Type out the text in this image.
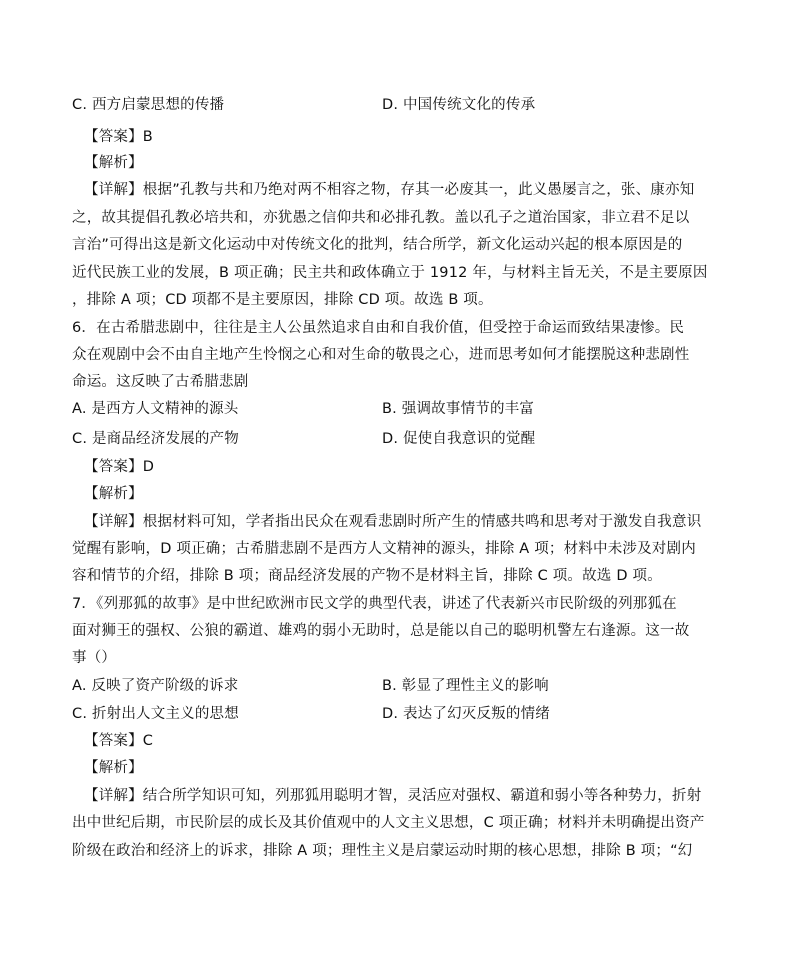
C. 西方启蒙思想的传播	D. 中国传统文化的传承
【答案】B
【解析】
【详解】根据”孔教与共和乃绝对两不相容之物，存其一必废其一，此义愚屡言之，张、康亦知
之，故其提倡孔教必培共和，亦犹愚之信仰共和必排孔教。盖以孔子之道治国家，非立君不足以
言治”可得出这是新文化运动中对传统文化的批判，结合所学，新文化运动兴起的根本原因是的
近代民族工业的发展，B 项正确；民主共和政体确立于 1912 年，与材料主旨无关，不是主要原因
，排除 A 项；CD 项都不是主要原因，排除 CD 项。故选 B 项。
6．在古希腊悲剧中，往往是主人公虽然追求自由和自我价值，但受控于命运而致结果凄惨。民
众在观剧中会不由自主地产生怜悯之心和对生命的敬畏之心，进而思考如何才能摆脱这种悲剧性
命运。这反映了古希腊悲剧
A. 是西方人文精神的源头	B. 强调故事情节的丰富
C. 是商品经济发展的产物	D. 促使自我意识的觉醒
【答案】D
【解析】
【详解】根据材料可知，学者指出民众在观看悲剧时所产生的情感共鸣和思考对于激发自我意识
觉醒有影响，D 项正确；古希腊悲剧不是西方人文精神的源头，排除 A 项；材料中未涉及对剧内
容和情节的介绍，排除 B 项；商品经济发展的产物不是材料主旨，排除 C 项。故选 D 项。
7．《列那狐的故事》是中世纪欧洲市民文学的典型代表，讲述了代表新兴市民阶级的列那狐在
面对狮王的强权、公狼的霸道、雄鸡的弱小无助时，总是能以自己的聪明机警左右逢源。这一故
事（）
A. 反映了资产阶级的诉求	B. 彰显了理性主义的影响
C. 折射出人文主义的思想	D. 表达了幻灭反叛的情绪
【答案】C
【解析】
【详解】结合所学知识可知，列那狐用聪明才智，灵活应对强权、霸道和弱小等各种势力，折射
出中世纪后期，市民阶层的成长及其价值观中的人文主义思想，C 项正确；材料并未明确提出资产
阶级在政治和经济上的诉求，排除 A 项；理性主义是启蒙运动时期的核心思想，排除 B 项；“幻
